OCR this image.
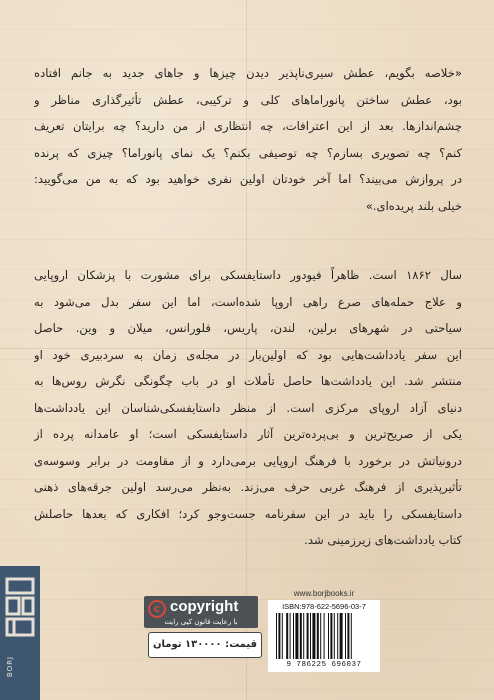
«خلاصه بگویم، عطش سیری‌ناپذیر دیدن چیزها و جاهای جدید به جانم افتاده
بود، عطش ساختن پانوراماهای کلی و ترکیبی، عطش تأثیرگذاری مناظر و
چشم‌اندازها. بعد از این اعترافات، چه انتظاری از من دارید؟ چه برایتان تعریف
کنم؟ چه تصویری بسازم؟ چه توصیفی بکنم؟ یک نمای پانوراما؟ چیزی که پرنده
در پروازش می‌بیند؟ اما آخر خودتان اولین نفری خواهید بود که به من می‌گویید:
خیلی بلند پریده‌ای.»
سال ۱۸۶۲ است. ظاهراً فیودور داستایفسکی برای مشورت با پزشکان اروپایی
و علاج حمله‌های صرع راهی اروپا شده‌است، اما این سفر بدل می‌شود به
سیاحتی در شهرهای برلین، لندن، پاریس، فلورانس، میلان و وین. حاصل
این سفر یادداشت‌هایی بود که اولین‌بار در مجله‌ی زمان به سردبیری خود او
منتشر شد. این یادداشت‌ها حاصل تأملات او در باب چگونگی نگرش روس‌ها به
دنیای آزاد اروپای مرکزی است. از منظر داستایفسکی‌شناسان این یادداشت‌ها
یکی از صریح‌ترین و بی‌پرده‌ترین آثار داستایفسکی است؛ او عامدانه پرده از
درونیاتش در برخورد با فرهنگ اروپایی برمی‌دارد و از مقاومت در برابر وسوسه‌ی
تأثیرپذیری از فرهنگ غربی حرف می‌زند. به‌نظر می‌رسد اولین جرقه‌های ذهنی
داستایفسکی را باید در این سفرنامه جست‌وجو کرد؛ افکاری که بعدها حاصلش
کتاب یادداشت‌های زیرزمینی شد.
BORJ
c copyright
با رعایت قانون کپی رایت
قیمت: ۱۳۰۰۰۰ تومان
www.borjbooks.ir
ISBN:978-622-5696-03-7
9 786225 696037
